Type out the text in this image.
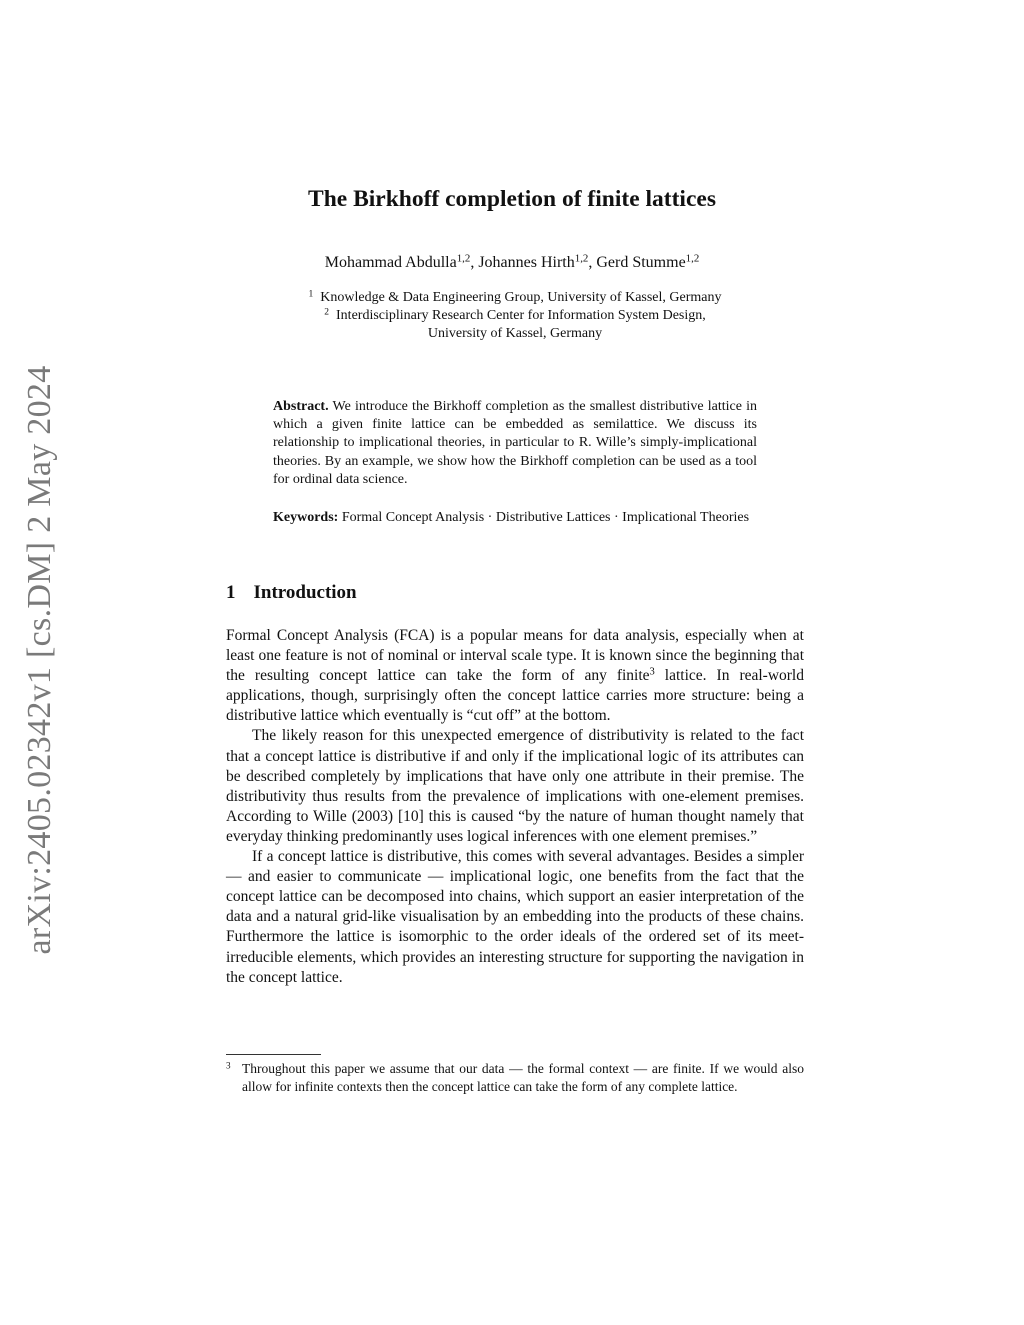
arXiv:2405.02342v1 [cs.DM] 2 May 2024
The Birkhoff completion of finite lattices
Mohammad Abdulla$^{1,2}$, Johannes Hirth$^{1,2}$, Gerd Stumme$^{1,2}$
$^1$ Knowledge & Data Engineering Group, University of Kassel, Germany
$^2$ Interdisciplinary Research Center for Information System Design,
University of Kassel, Germany
Abstract. We introduce the Birkhoff completion as the smallest distributive lattice in which a given finite lattice can be embedded as semilattice. We discuss its relationship to implicational theories, in particular to R. Wille’s simply-implicational theories. By an example, we show how the Birkhoff completion can be used as a tool for ordinal data science.
Keywords: Formal Concept Analysis · Distributive Lattices · Implicational Theories
1 Introduction

Formal Concept Analysis (FCA) is a popular means for data analysis, especially when at least one feature is not of nominal or interval scale type. It is known since the beginning that the resulting concept lattice can take the form of any finite$^3$ lattice. In real-world applications, though, surprisingly often the concept lattice carries more structure: being a distributive lattice which eventually is “cut off” at the bottom.

The likely reason for this unexpected emergence of distributivity is related to the fact that a concept lattice is distributive if and only if the implicational logic of its attributes can be described completely by implications that have only one attribute in their premise. The distributivity thus results from the prevalence of implications with one-element premises. According to Wille (2003) [10] this is caused “by the nature of human thought namely that everyday thinking predominantly uses logical inferences with one element premises.”

If a concept lattice is distributive, this comes with several advantages. Besides a simpler — and easier to communicate — implicational logic, one benefits from the fact that the concept lattice can be decomposed into chains, which support an easier interpretation of the data and a natural grid-like visualisation by an embedding into the products of these chains. Furthermore the lattice is isomorphic to the order ideals of the ordered set of its meet-irreducible elements, which provides an interesting structure for supporting the navigation in the concept lattice.

$^3$ Throughout this paper we assume that our data — the formal context — are finite. If we would also allow for infinite contexts then the concept lattice can take the form of any complete lattice.
